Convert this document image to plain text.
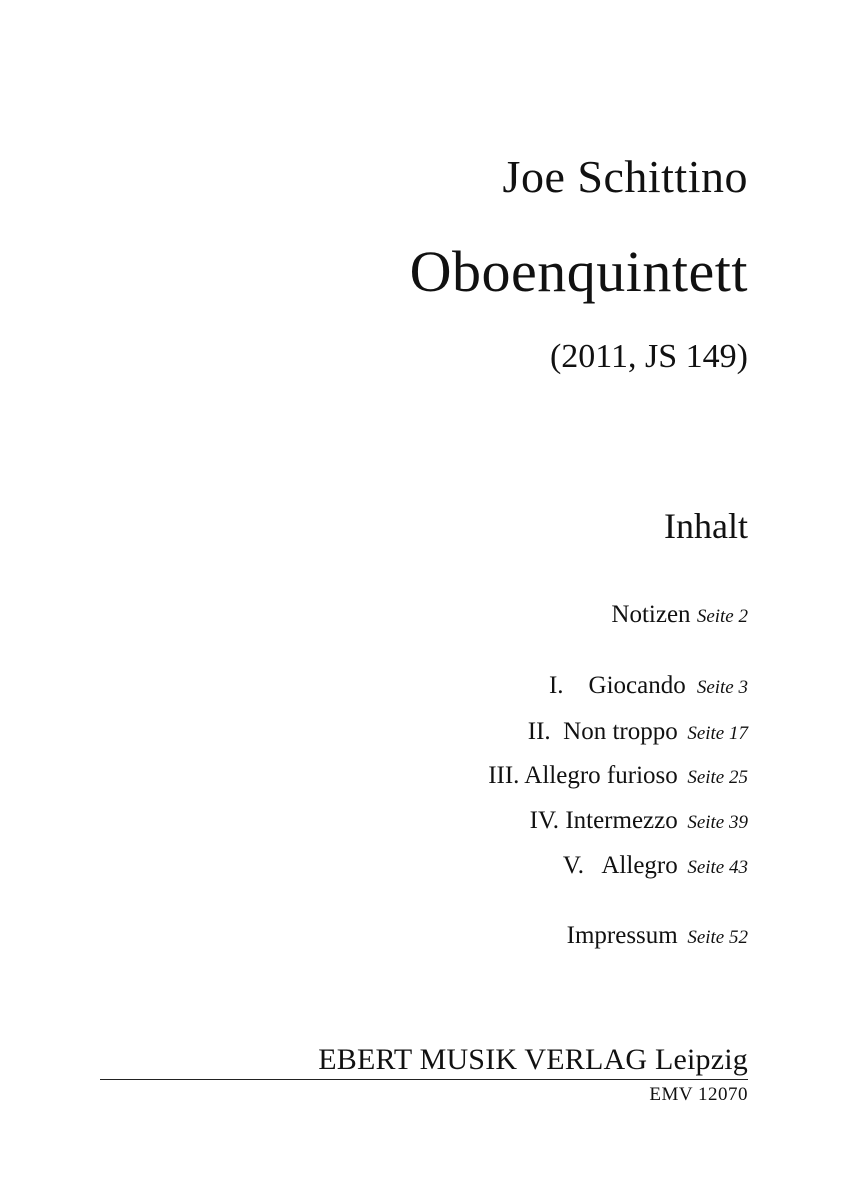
Joe Schittino
Oboenquintett
(2011, JS 149)
Inhalt
Notizen Seite 2
I. Giocando Seite 3
II. Non troppo Seite 17
III. Allegro furioso Seite 25
IV. Intermezzo Seite 39
V. Allegro Seite 43
Impressum Seite 52
EBERT MUSIK VERLAG Leipzig
EMV 12070
